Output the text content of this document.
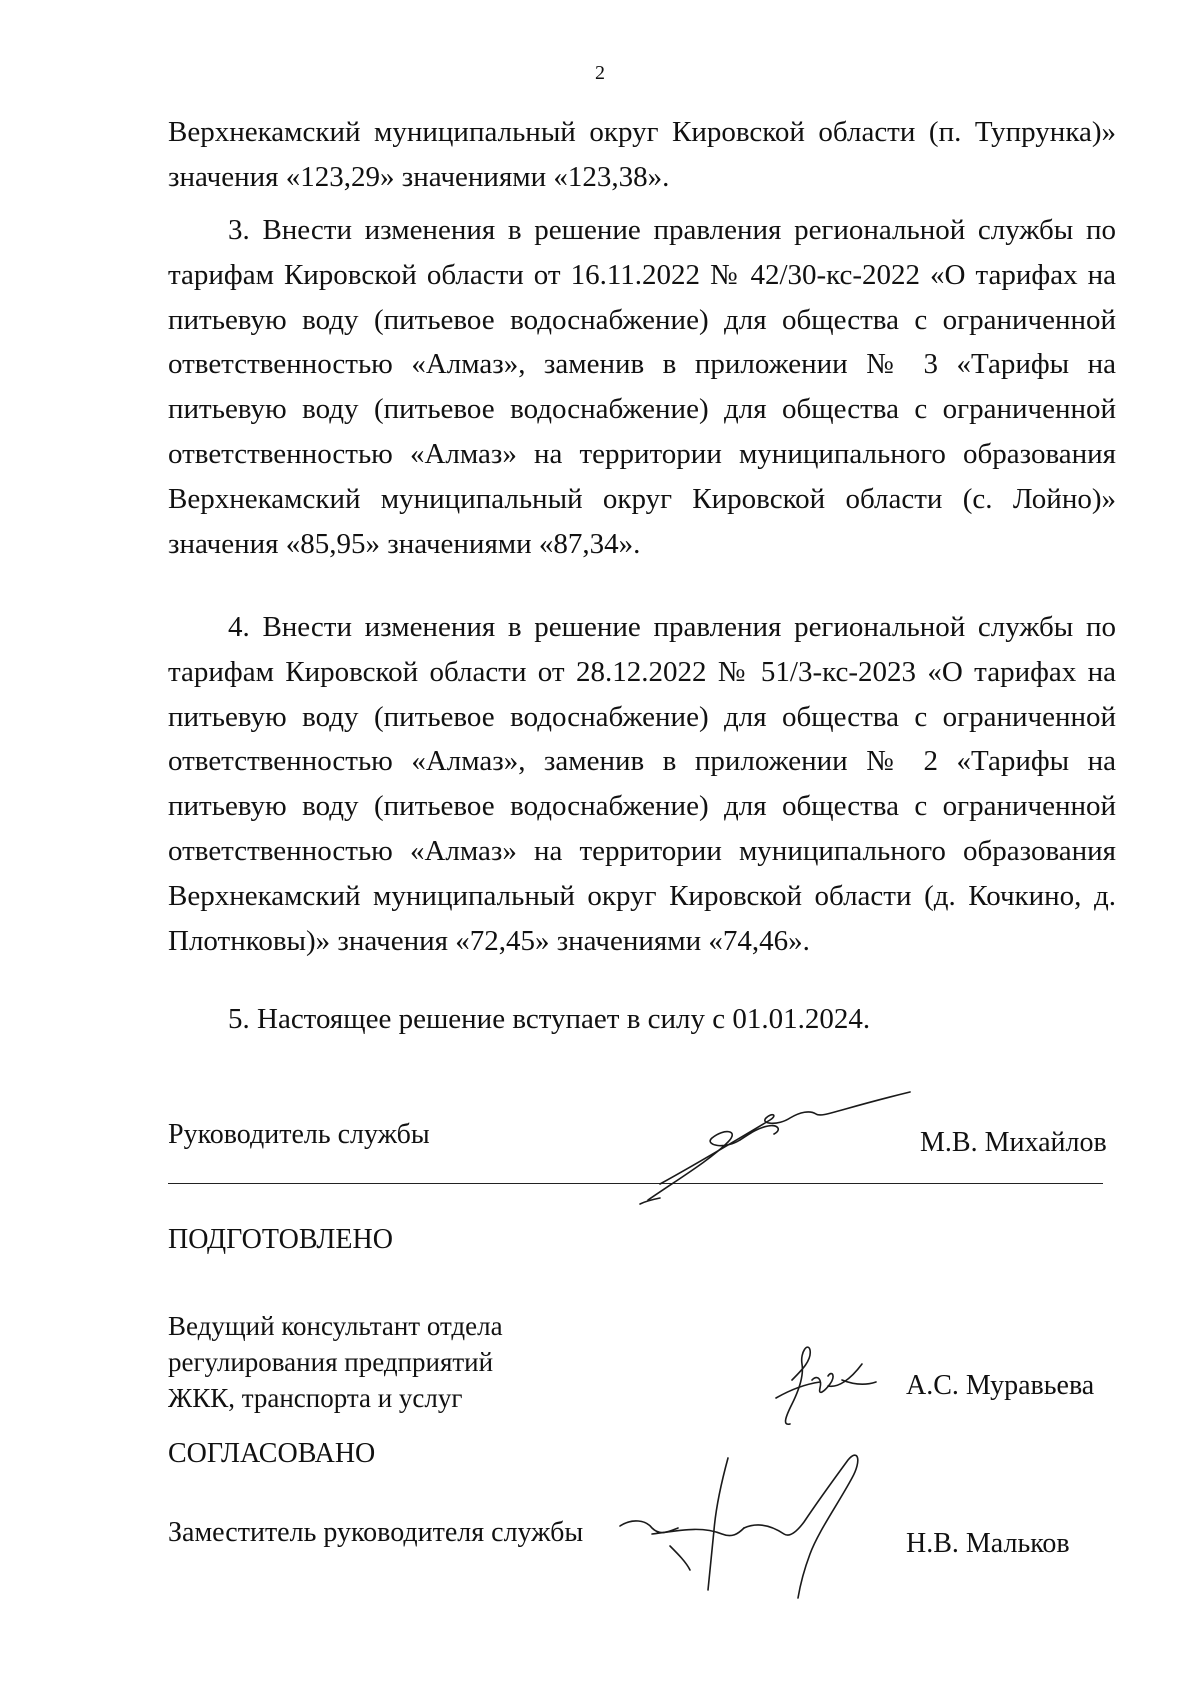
2

Верхнекамский муниципальный округ Кировской области (п. Тупрунка)» значения «123,29» значениями «123,38».

3. Внести изменения в решение правления региональной службы по тарифам Кировской области от 16.11.2022 № 42/30-кс-2022 «О тарифах на питьевую воду (питьевое водоснабжение) для общества с ограниченной ответственностью «Алмаз», заменив в приложении № 3 «Тарифы на питьевую воду (питьевое водоснабжение) для общества с ограниченной ответственностью «Алмаз» на территории муниципального образования Верхнекамский муниципальный округ Кировской области (с. Лойно)» значения «85,95» значениями «87,34».

4. Внести изменения в решение правления региональной службы по тарифам Кировской области от 28.12.2022 № 51/3-кс-2023 «О тарифах на питьевую воду (питьевое водоснабжение) для общества с ограниченной ответственностью «Алмаз», заменив в приложении № 2 «Тарифы на питьевую воду (питьевое водоснабжение) для общества с ограниченной ответственностью «Алмаз» на территории муниципального образования Верхнекамский муниципальный округ Кировской области (д. Кочкино, д. Плотнковы)» значения «72,45» значениями «74,46».

5. Настоящее решение вступает в силу с 01.01.2024.

Руководитель службы	М.В. Михайлов
ПОДГОТОВЛЕНО
Ведущий консультант отдела
регулирования предприятий
ЖКК, транспорта и услуг	А.С. Муравьева
СОГЛАСОВАНО
Заместитель руководителя службы	Н.В. Мальков
